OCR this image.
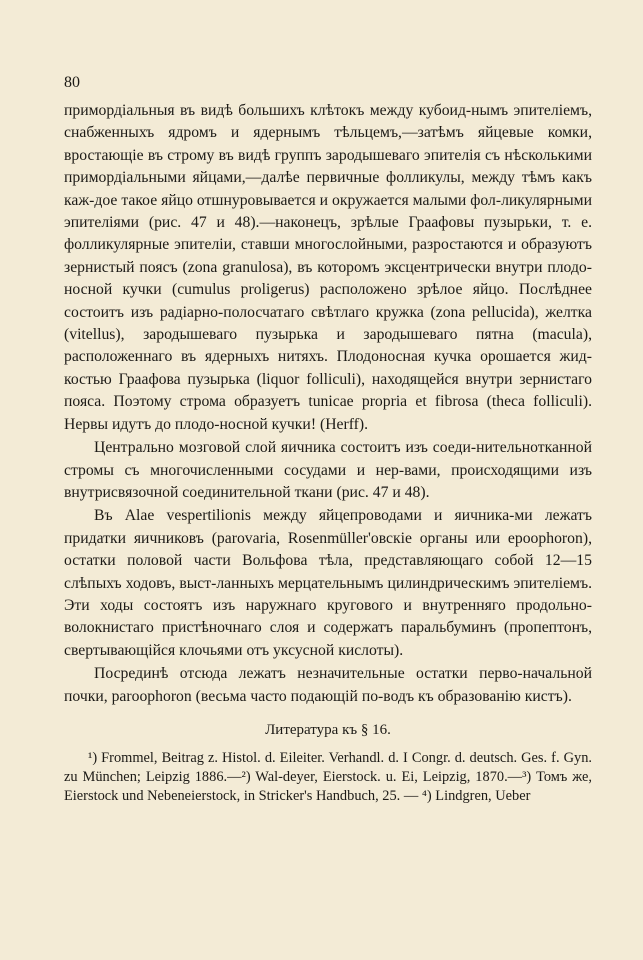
80

примордiальныя въ видѣ большихъ клѣтокъ между кубоид-нымъ эпителiемъ, снабженныхъ ядромъ и ядернымъ тѣльцемъ,—затѣмъ яйцевые комки, вростающiе въ строму въ видѣ группъ зародышеваго эпителiя съ нѣсколькими примордiальными яйцами,—далѣе первичные фолликулы, между тѣмъ какъ каж-дое такое яйцо отшнуровывается и окружается малыми фол-ликулярными эпителiями (рис. 47 и 48).—наконецъ, зрѣлые Граафовы пузырьки, т. е. фолликулярные эпителiи, ставши многослойными, разростаются и образуютъ зернистый поясъ (zona granulosa), въ которомъ эксцентрически внутри плодо-носной кучки (cumulus proligerus) расположено зрѣлое яйцо. Послѣднее состоитъ изъ радiарно-полосчатаго свѣтлаго кружка (zona pellucida), желтка (vitellus), зародышеваго пузырька и зародышеваго пятна (macula), расположеннаго въ ядерныхъ нитяхъ. Плодоносная кучка орошается жид-костью Граафова пузырька (liquor folliculi), находящейся внутри зернистаго пояса. Поэтому строма образуетъ tunicae propria et fibrosa (theca folliculi). Нервы идутъ до плодо-носной кучки! (Herff).

Центрально мозговой слой яичника состоитъ изъ соеди-нительнотканной стромы съ многочисленными сосудами и нер-вами, происходящими изъ внутрисвязочной соединительной ткани (рис. 47 и 48).

Въ Alae vespertilionis между яйцепроводами и яичника-ми лежатъ придатки яичниковъ (parovaria, Rosenmüller'овскiе органы или epoophoron), остатки половой части Вольфова тѣла, представляющаго собой 12—15 слѣпыхъ ходовъ, выст-ланныхъ мерцательнымъ цилиндрическимъ эпителiемъ. Эти ходы состоятъ изъ наружнаго кругового и внутренняго продольно-волокнистаго пристѣночнаго слоя и содержатъ паральбуминъ (пропептонъ, свертывающiйся клочьями отъ уксусной кислоты).

Посрединѣ отсюда лежатъ незначительные остатки перво-начальной почки, paroophoron (весьма часто подающiй по-водъ къ образованiю кистъ).

Литература къ § 16.

¹) Frommel, Beitrag z. Histol. d. Eileiter. Verhandl. d. I Congr. d. deutsch. Ges. f. Gyn. zu München; Leipzig 1886.—²) Wal-deyer, Eierstock. u. Ei, Leipzig, 1870.—³) Томъ же, Eierstock und Nebeneierstock, in Stricker's Handbuch, 25. — ⁴) Lindgren, Ueber
